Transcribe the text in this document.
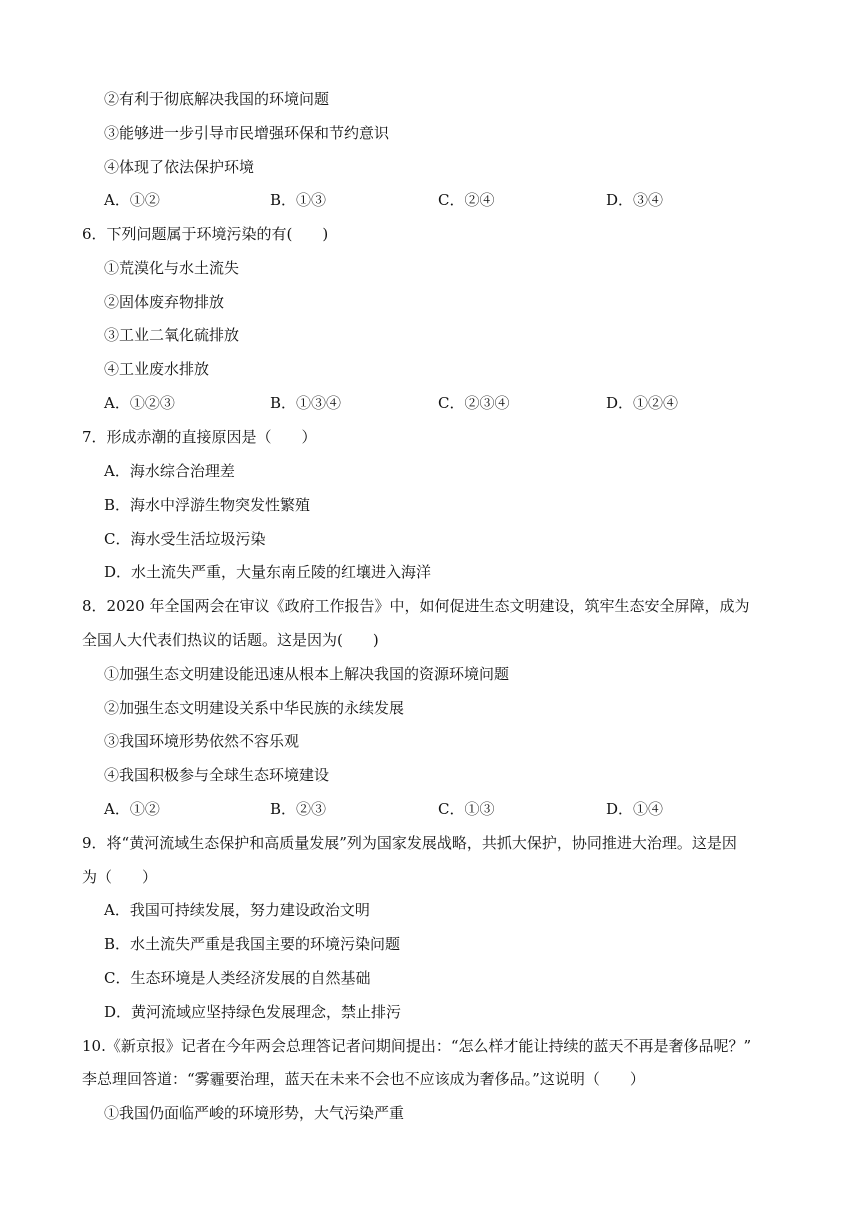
②有利于彻底解决我国的环境问题
③能够进一步引导市民增强环保和节约意识
④体现了依法保护环境
A．①②	B．①③	C．②④	D．③④
6．下列问题属于环境污染的有(　　)
①荒漠化与水土流失
②固体废弃物排放
③工业二氧化硫排放
④工业废水排放
A．①②③	B．①③④	C．②③④	D．①②④
7．形成赤潮的直接原因是（　　）
A．海水综合治理差
B．海水中浮游生物突发性繁殖
C．海水受生活垃圾污染
D．水土流失严重，大量东南丘陵的红壤进入海洋
8．2020 年全国两会在审议《政府工作报告》中，如何促进生态文明建设，筑牢生态安全屏障，成为
全国人大代表们热议的话题。这是因为(　　)
①加强生态文明建设能迅速从根本上解决我国的资源环境问题
②加强生态文明建设关系中华民族的永续发展
③我国环境形势依然不容乐观
④我国积极参与全球生态环境建设
A．①②	B．②③	C．①③	D．①④
9．将“黄河流域生态保护和高质量发展”列为国家发展战略，共抓大保护，协同推进大治理。这是因
为（　　）
A．我国可持续发展，努力建设政治文明
B．水土流失严重是我国主要的环境污染问题
C．生态环境是人类经济发展的自然基础
D．黄河流域应坚持绿色发展理念，禁止排污
10.《新京报》记者在今年两会总理答记者问期间提出：“怎么样才能让持续的蓝天不再是奢侈品呢？”
李总理回答道：“雾霾要治理，蓝天在未来不会也不应该成为奢侈品。”这说明（　　）
①我国仍面临严峻的环境形势，大气污染严重
